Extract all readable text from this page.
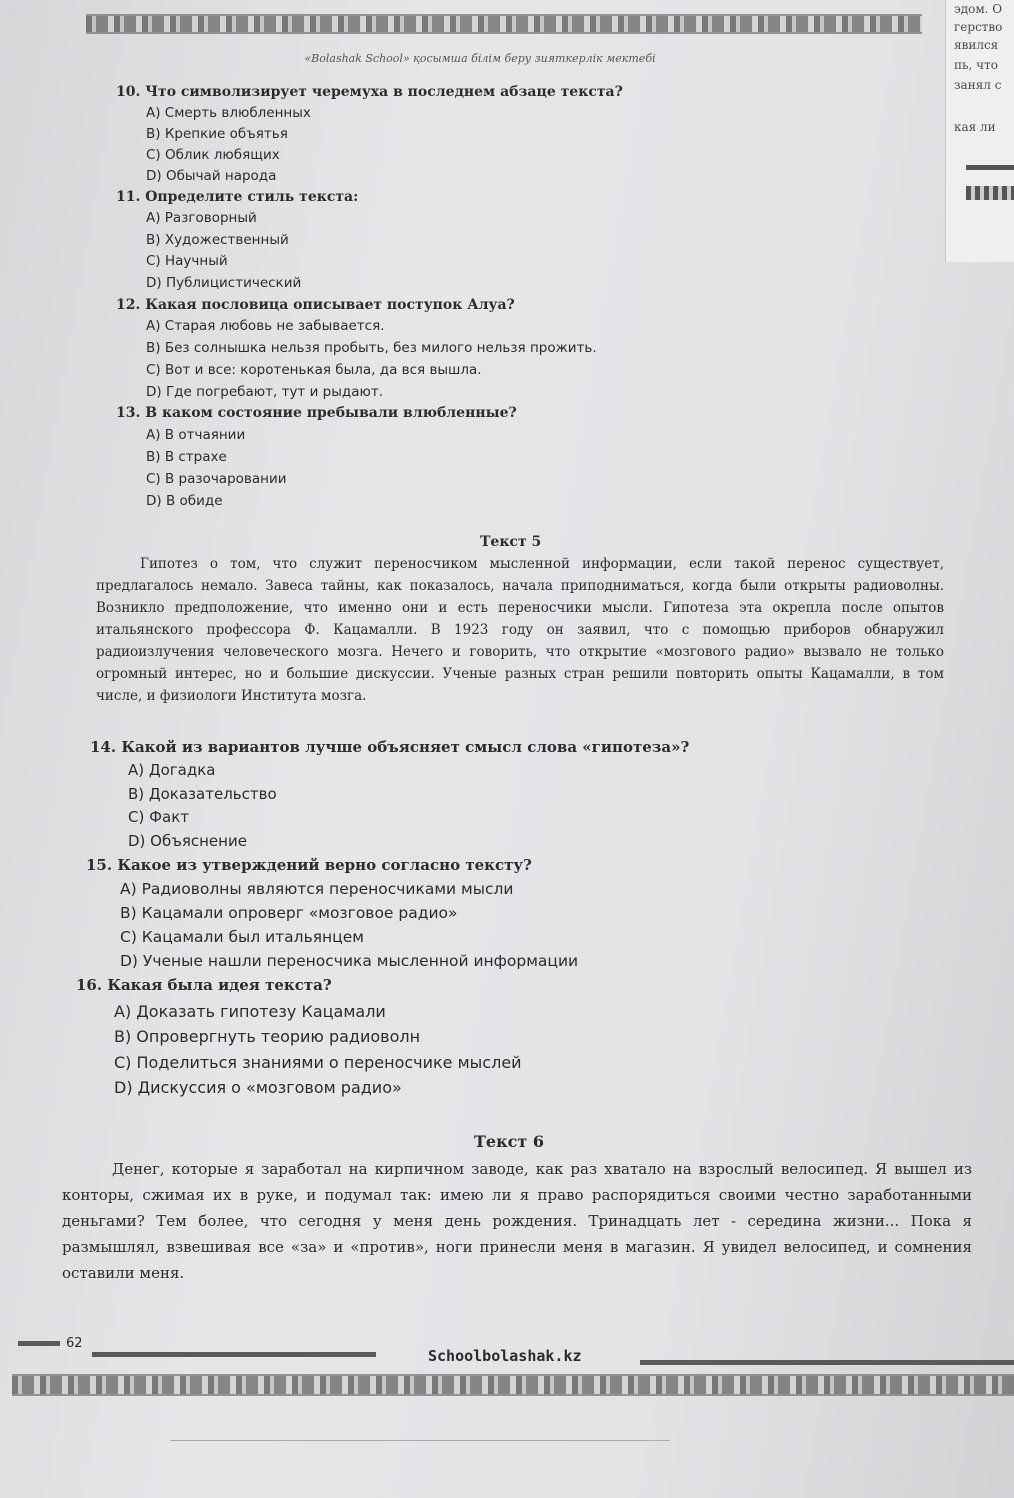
эдом. О
герство
явился
пь, что
занял с
кая ли
«Bolashak School» қосымша білім беру зияткерлік мектебі
10. Что символизирует черемуха в последнем абзаце текста?
A) Смерть влюбленных
B) Крепкие объятья
C) Облик любящих
D) Обычай народа
11. Определите стиль текста:
A) Разговорный
B) Художественный
C) Научный
D) Публицистический
12. Какая пословица описывает поступок Алуа?
A) Старая любовь не забывается.
B) Без солнышка нельзя пробыть, без милого нельзя прожить.
C) Вот и все: коротенькая была, да вся вышла.
D) Где погребают, тут и рыдают.
13. В каком состояние пребывали влюбленные?
A) В отчаянии
B) В страхе
C) В разочаровании
D) В обиде
Текст 5
Гипотез о том, что служит переносчиком мысленной информации, если такой перенос существует, предлагалось немало. Завеса тайны, как показалось, начала приподниматься, когда были открыты радиоволны. Возникло предположение, что именно они и есть переносчики мысли. Гипотеза эта окрепла после опытов итальянского профессора Ф. Кацамалли. В 1923 году он заявил, что с помощью приборов обнаружил радиоизлучения человеческого мозга. Нечего и говорить, что открытие «мозгового радио» вызвало не только огромный интерес, но и большие дискуссии. Ученые разных стран решили повторить опыты Кацамалли, в том числе, и физиологи Института мозга.
14. Какой из вариантов лучше объясняет смысл слова «гипотеза»?
A) Догадка
B) Доказательство
C) Факт
D) Объяснение
15. Какое из утверждений верно согласно тексту?
A) Радиоволны являются переносчиками мысли
B) Кацамали опроверг «мозговое радио»
C) Кацамали был итальянцем
D) Ученые нашли переносчика мысленной информации
16. Какая была идея текста?
A) Доказать гипотезу Кацамали
B) Опровергнуть теорию радиоволн
C) Поделиться знаниями о переносчике мыслей
D) Дискуссия о «мозговом радио»
Текст 6
Денег, которые я заработал на кирпичном заводе, как раз хватало на взрослый велосипед. Я вышел из конторы, сжимая их в руке, и подумал так: имею ли я право распорядиться своими честно заработанными деньгами? Тем более, что сегодня у меня день рождения. Тринадцать лет - середина жизни... Пока я размышлял, взвешивая все «за» и «против», ноги принесли меня в магазин. Я увидел велосипед, и сомнения оставили меня.
62
Schoolbolashak.kz
